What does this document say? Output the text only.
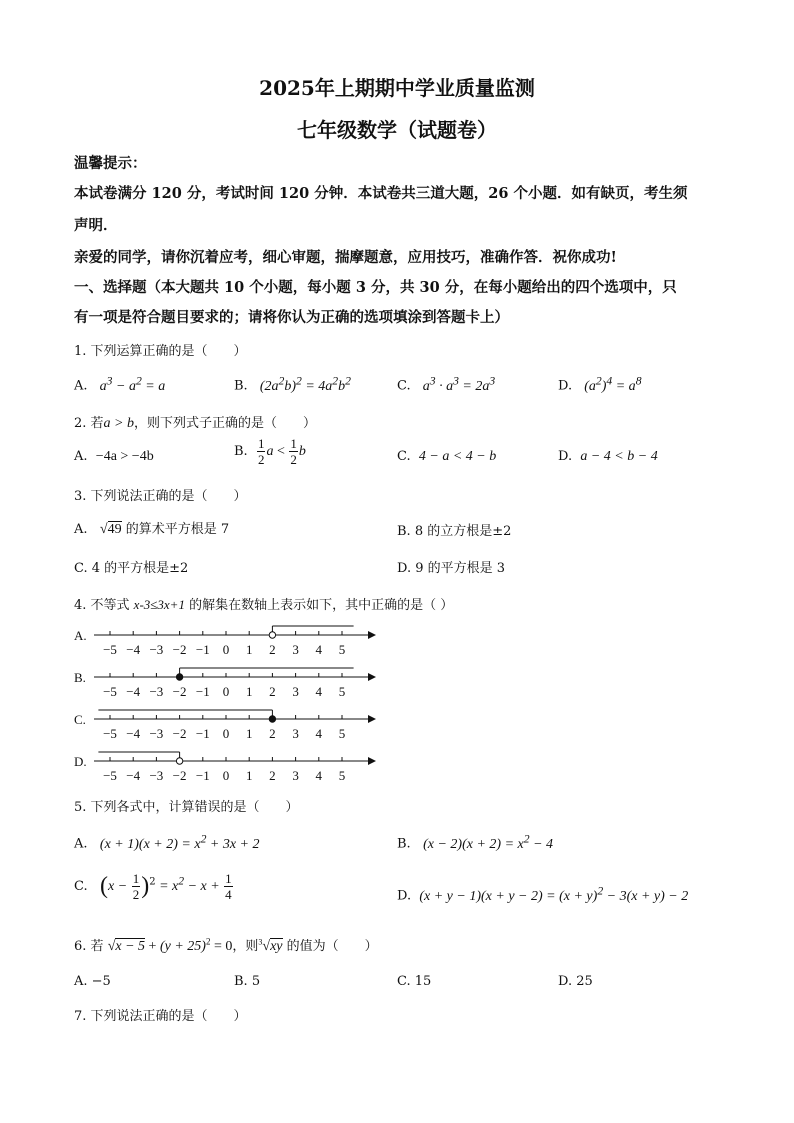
2025年上期期中学业质量监测
七年级数学（试题卷）
温馨提示：
本试卷满分 120 分，考试时间 120 分钟．本试卷共三道大题，26 个小题．如有缺页，考生须
声明．
亲爱的同学，请你沉着应考，细心审题，揣摩题意，应用技巧，准确作答．祝你成功!
一、选择题（本大题共 10 个小题，每小题 3 分，共 30 分，在每小题给出的四个选项中，只
有一项是符合题目要求的；请将你认为正确的选项填涂到答题卡上）
1. 下列运算正确的是（　　）
A. $a^3 - a^2 = a$	B. $(2a^2b)^2 = 4a^2b^2$	C. $a^3 \cdot a^3 = 2a^3$	D. $(a^2)^4 = a^8$
2. 若a > b，则下列式子正确的是（　　）
A.  −4a > −4b	B. $\frac{1}{2}$ $a < \frac{1}{2}$ b	C.  4 − a < 4 − b	D.  a − 4 < b − 4
3. 下列说法正确的是（　　）
A.   √49 的算术平方根是 7	B. 8 的立方根是±2
C. 4 的平方根是±2	D. 9 的平方根是 3
4. 不等式 x-3≤3x+1 的解集在数轴上表示如下，其中正确的是（ ）
A.
−5 −4 −3 −2 −1 0 1 2 3 4 5
B.
−5 −4 −3 −2 −1 0 1 2 3 4 5
C.
−5 −4 −3 −2 −1 0 1 2 3 4 5
D.
−5 −4 −3 −2 −1 0 1 2 3 4 5
5. 下列各式中，计算错误的是（　　）
A.   $(x + 1)(x + 2) = x^2 + 3x + 2$	B.   $(x - 2)(x + 2) = x^2 - 4$
C.   $(x - \frac{1}{2} )^2 = x^2 - x + \frac{1}{4}$	D.  $(x + y - 1)(x + y - 2) = (x + y)^2 - 3(x + y) - 2$
6. 若 $√x - 5 + (y + 25)^2 = 0$，则$^3$√xy 的值为（　　）
A. −5	B. 5	C. 15	D. 25
7. 下列说法正确的是（　　）
